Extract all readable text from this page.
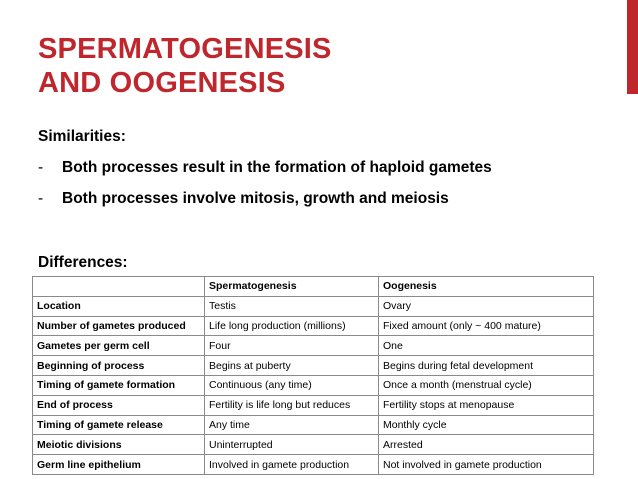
SPERMATOGENESIS
AND OOGENESIS
Similarities:
- Both processes result in the formation of haploid gametes
- Both processes involve mitosis, growth and meiosis
Differences:
	Spermatogenesis	Oogenesis
Location	Testis	Ovary
Number of gametes produced	Life long production (millions)	Fixed amount (only ~ 400 mature)
Gametes per germ cell	Four	One
Beginning of process	Begins at puberty	Begins during fetal development
Timing of gamete formation	Continuous (any time)	Once a month (menstrual cycle)
End of process	Fertility is life long but reduces	Fertility stops at menopause
Timing of gamete release	Any time	Monthly cycle
Meiotic divisions	Uninterrupted	Arrested
Germ line epithelium	Involved in gamete production	Not involved in gamete production
